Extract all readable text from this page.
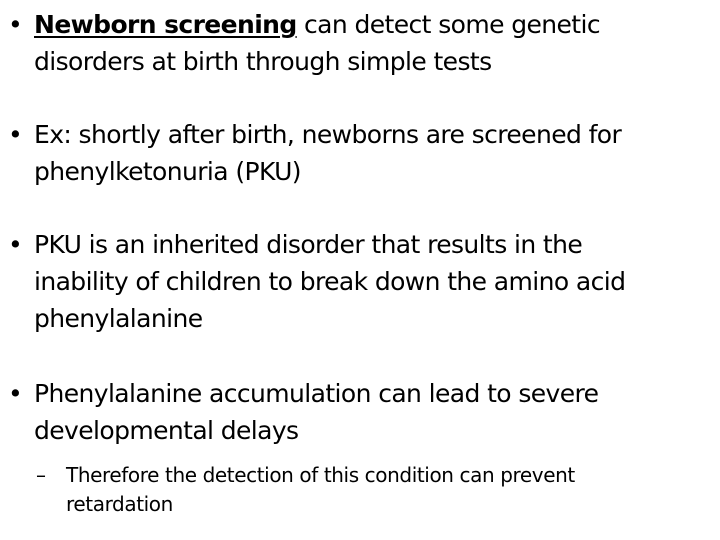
• Newborn screening can detect some genetic
disorders at birth through simple tests
• Ex: shortly after birth, newborns are screened for
phenylketonuria (PKU)
• PKU is an inherited disorder that results in the
inability of children to break down the amino acid
phenylalanine
• Phenylalanine accumulation can lead to severe
developmental delays
–	Therefore the detection of this condition can prevent
retardation
